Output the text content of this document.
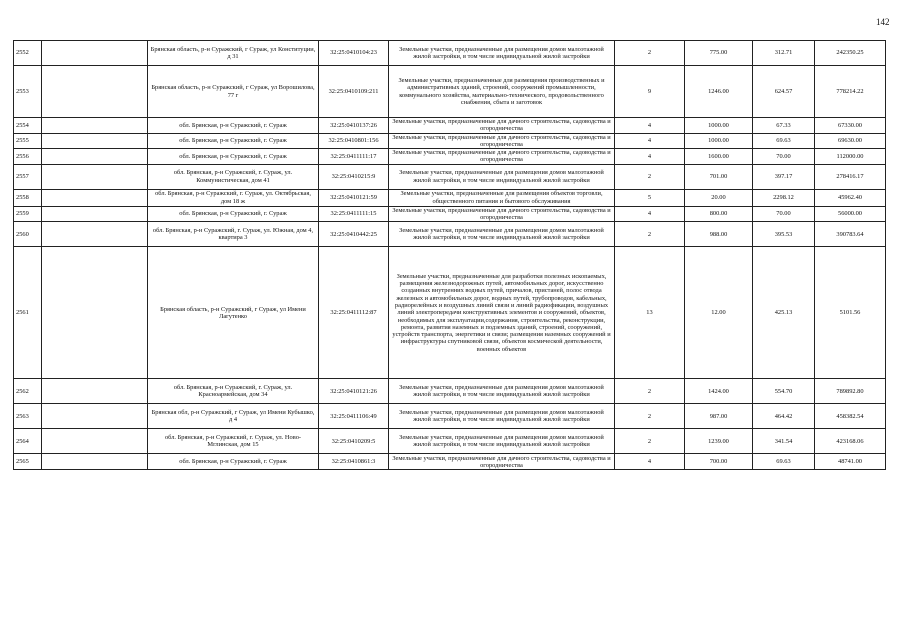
142
2552		Брянская область, р-н Суражский, г Сураж, ул Конституции, д 31	32:25:0410104:23	Земельные участки, предназначенные для размещения домов малоэтажной жилой застройки, в том числе индивидуальной жилой застройки	2	775.00	312.71	242350.25
2553		Брянская область, р-н Суражский, г Сураж, ул Ворошилова, 77 г	32:25:0410109:211	Земельные участки, предназначенные для размещения производственных и административных зданий, строений, сооружений промышленности, коммунального хозяйства, материально-технического, продовольственного снабжения, сбыта и заготовок	9	1246.00	624.57	778214.22
2554		обл. Брянская, р-н Суражский, г. Сураж	32:25:0410137:26	Земельные участки, предназначенные для дачного строительства, садоводства и огородничества	4	1000.00	67.33	67330.00
2555		обл. Брянская, р-н Суражский, г. Сураж	32:25:0410801:156	Земельные участки, предназначенные для дачного строительства, садоводства и огородничества	4	1000.00	69.63	69630.00
2556		обл. Брянская, р-н Суражский, г. Сураж	32:25:0411111:17	Земельные участки, предназначенные для дачного строительства, садоводства и огородничества	4	1600.00	70.00	112000.00
2557		обл. Брянская, р-н Суражский, г. Сураж, ул. Коммунистическая, дом 41	32:25:0410215:9	Земельные участки, предназначенные для размещения домов малоэтажной жилой застройки, в том числе индивидуальной жилой застройки	2	701.00	397.17	278416.17
2558		обл. Брянская, р-н Суражский, г. Сураж, ул. Октябрьская, дом 18 ж	32:25:0410121:59	Земельные участки, предназначенные для размещения объектов торговли, общественного питания и бытового обслуживания	5	20.00	2298.12	45962.40
2559		обл. Брянская, р-н Суражский, г. Сураж	32:25:0411111:15	Земельные участки, предназначенные для дачного строительства, садоводства и огородничества	4	800.00	70.00	56000.00
2560		обл. Брянская, р-н Суражский, г. Сураж, ул. Южная, дом 4, квартира 3	32:25:0410442:25	Земельные участки, предназначенные для размещения домов малоэтажной жилой застройки, в том числе индивидуальной жилой застройки	2	988.00	395.53	390783.64
2561		Брянская область, р-н Суражский, г Сураж, ул Имени Лагутенко	32:25:0411112:87	Земельные участки, предназначенные для разработки полезных ископаемых, размещения железнодорожных путей, автомобильных дорог, искусственно созданных внутренних водных путей, причалов, пристаней, полос отвода железных и автомобильных дорог, водных путей, трубопроводов, кабельных, радиорелейных и воздушных линий связи и линий радиофикации, воздушных линий электропередачи конструктивных элементов и сооружений, объектов, необходимых для эксплуатации,содержания, строительства, реконструкции, ремонта, развития наземных и подземных зданий, строений, сооружений, устройств транспорта, энергетики и связи; размещения наземных сооружений и инфраструктуры спутниковой связи, объектов космической деятельности, военных объектов	13	12.00	425.13	5101.56
2562		обл. Брянская, р-н Суражский, г. Сураж, ул. Красноармейская, дом 34	32:25:0410121:26	Земельные участки, предназначенные для размещения домов малоэтажной жилой застройки, в том числе индивидуальной жилой застройки	2	1424.00	554.70	789892.80
2563		Брянская обл, р-н Суражский, г Сураж, ул Имени Кубышко, д 4	32:25:0411106:49	Земельные участки, предназначенные для размещения домов малоэтажной жилой застройки, в том числе индивидуальной жилой застройки	2	987.00	464.42	458382.54
2564		обл. Брянская, р-н Суражский, г. Сураж, ул. Ново-Мглинская, дом 15	32:25:0410209:5	Земельные участки, предназначенные для размещения домов малоэтажной жилой застройки, в том числе индивидуальной жилой застройки	2	1239.00	341.54	423168.06
2565		обл. Брянская, р-н Суражский, г. Сураж	32:25:0410861:3	Земельные участки, предназначенные для дачного строительства, садоводства и огородничества	4	700.00	69.63	48741.00
